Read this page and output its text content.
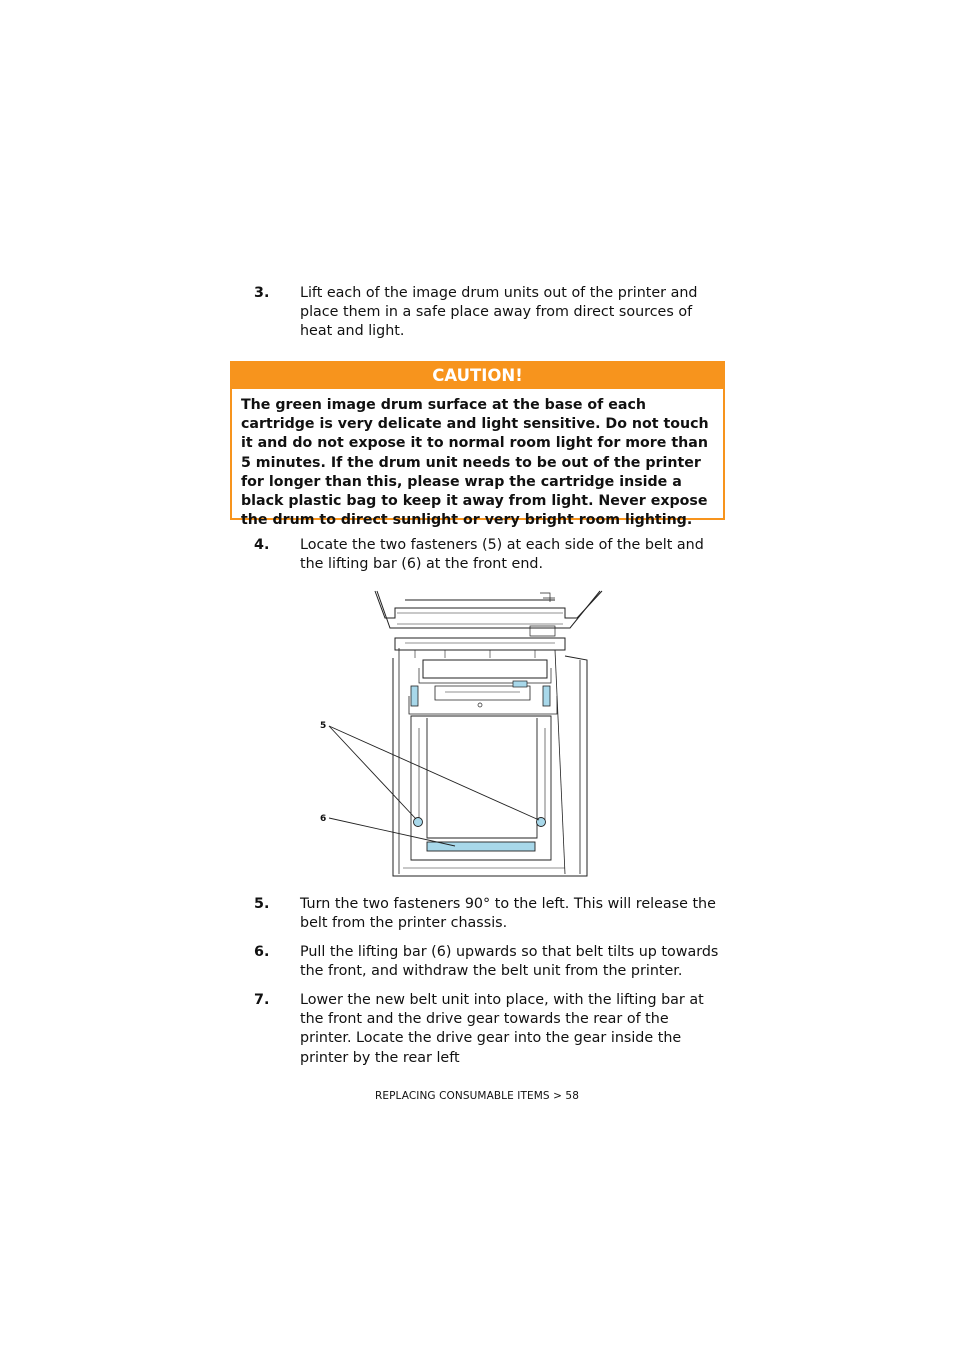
3. Lift each of the image drum units out of the printer and place them in a safe place away from direct sources of heat and light.
CAUTION!
The green image drum surface at the base of each cartridge is very delicate and light sensitive. Do not touch it and do not expose it to normal room light for more than 5 minutes. If the drum unit needs to be out of the printer for longer than this, please wrap the cartridge inside a black plastic bag to keep it away from light. Never expose the drum to direct sunlight or very bright room lighting.
4. Locate the two fasteners (5) at each side of the belt and the lifting bar (6) at the front end.
5
6
5. Turn the two fasteners 90° to the left. This will release the belt from the printer chassis.
6. Pull the lifting bar (6) upwards so that belt tilts up towards the front, and withdraw the belt unit from the printer.
7. Lower the new belt unit into place, with the lifting bar at the front and the drive gear towards the rear of the printer. Locate the drive gear into the gear inside the printer by the rear left
REPLACING CONSUMABLE ITEMS > 58
